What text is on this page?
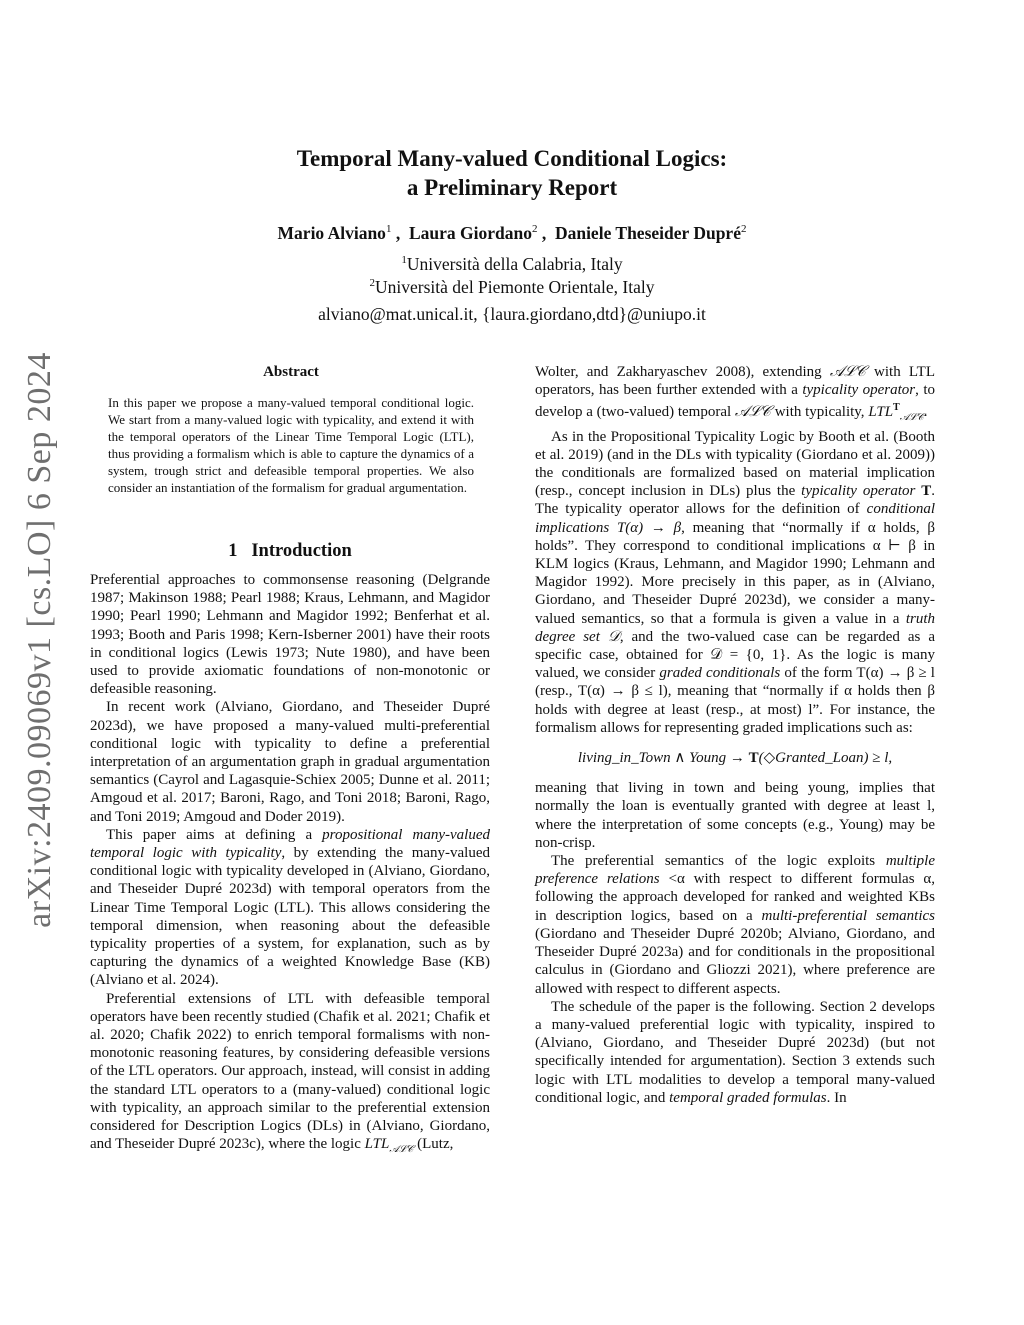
arXiv:2409.09069v1 [cs.LO] 6 Sep 2024
Temporal Many-valued Conditional Logics:
a Preliminary Report
Mario Alviano$^1$ ,  Laura Giordano$^2$ ,  Daniele Theseider Dupré$^2$
$^1$Università della Calabria, Italy
$^2$Università del Piemonte Orientale, Italy
alviano@mat.unical.it, {laura.giordano,dtd}@uniupo.it
Abstract

In this paper we propose a many-valued temporal conditional logic. We start from a many-valued logic with typicality, and extend it with the temporal operators of the Linear Time Temporal Logic (LTL), thus providing a formalism which is able to capture the dynamics of a system, trough strict and defeasible temporal properties. We also consider an instantiation of the formalism for gradual argumentation.

1 Introduction

Preferential approaches to commonsense reasoning (Delgrande 1987; Makinson 1988; Pearl 1988; Kraus, Lehmann, and Magidor 1990; Pearl 1990; Lehmann and Magidor 1992; Benferhat et al. 1993; Booth and Paris 1998; Kern-Isberner 2001) have their roots in conditional logics (Lewis 1973; Nute 1980), and have been used to provide axiomatic foundations of non-monotonic or defeasible reasoning.

In recent work (Alviano, Giordano, and Theseider Dupré 2023d), we have proposed a many-valued multi-preferential conditional logic with typicality to define a preferential interpretation of an argumentation graph in gradual argumentation semantics (Cayrol and Lagasquie-Schiex 2005; Dunne et al. 2011; Amgoud et al. 2017; Baroni, Rago, and Toni 2018; Baroni, Rago, and Toni 2019; Amgoud and Doder 2019).

This paper aims at defining a propositional many-valued temporal logic with typicality, by extending the many-valued conditional logic with typicality developed in (Alviano, Giordano, and Theseider Dupré 2023d) with temporal operators from the Linear Time Temporal Logic (LTL). This allows considering the temporal dimension, when reasoning about the defeasible typicality properties of a system, for explanation, such as by capturing the dynamics of a weighted Knowledge Base (KB) (Alviano et al. 2024).

Preferential extensions of LTL with defeasible temporal operators have been recently studied (Chafik et al. 2021; Chafik et al. 2020; Chafik 2022) to enrich temporal formalisms with non-monotonic reasoning features, by considering defeasible versions of the LTL operators. Our approach, instead, will consist in adding the standard LTL operators to a (many-valued) conditional logic with typicality, an approach similar to the preferential extension considered for Description Logics (DLs) in (Alviano, Giordano, and Theseider Dupré 2023c), where the logic $LTL_{𝒜ℒ𝒞}$ (Lutz,

Wolter, and Zakharyaschev 2008), extending 𝒜ℒ𝒞 with LTL operators, has been further extended with a typicality operator, to develop a (two-valued) temporal 𝒜ℒ𝒞 with typicality, $LTL^T_{𝒜ℒ𝒞}$.

As in the Propositional Typicality Logic by Booth et al. (Booth et al. 2019) (and in the DLs with typicality (Giordano et al. 2009)) the conditionals are formalized based on material implication (resp., concept inclusion in DLs) plus the typicality operator T. The typicality operator allows for the definition of conditional implications T(α) → β, meaning that “normally if α holds, β holds”. They correspond to conditional implications α ⊢ β in KLM logics (Kraus, Lehmann, and Magidor 1990; Lehmann and Magidor 1992). More precisely in this paper, as in (Alviano, Giordano, and Theseider Dupré 2023d), we consider a many-valued semantics, so that a formula is given a value in a truth degree set 𝒟, and the two-valued case can be regarded as a specific case, obtained for 𝒟 = {0, 1}. As the logic is many valued, we consider graded conditionals of the form T(α) → β ≥ l (resp., T(α) → β ≤ l), meaning that “normally if α holds then β holds with degree at least (resp., at most) l”. For instance, the formalism allows for representing graded implications such as:

living_in_Town ∧ Young → T(◇Granted_Loan) ≥ l,

meaning that living in town and being young, implies that normally the loan is eventually granted with degree at least l, where the interpretation of some concepts (e.g., Young) may be non-crisp.

The preferential semantics of the logic exploits multiple preference relations <α with respect to different formulas α, following the approach developed for ranked and weighted KBs in description logics, based on a multi-preferential semantics (Giordano and Theseider Dupré 2020b; Alviano, Giordano, and Theseider Dupré 2023a) and for conditionals in the propositional calculus in (Giordano and Gliozzi 2021), where preference are allowed with respect to different aspects.

The schedule of the paper is the following. Section 2 develops a many-valued preferential logic with typicality, inspired to (Alviano, Giordano, and Theseider Dupré 2023d) (but not specifically intended for argumentation). Section 3 extends such logic with LTL modalities to develop a temporal many-valued conditional logic, and temporal graded formulas. In
